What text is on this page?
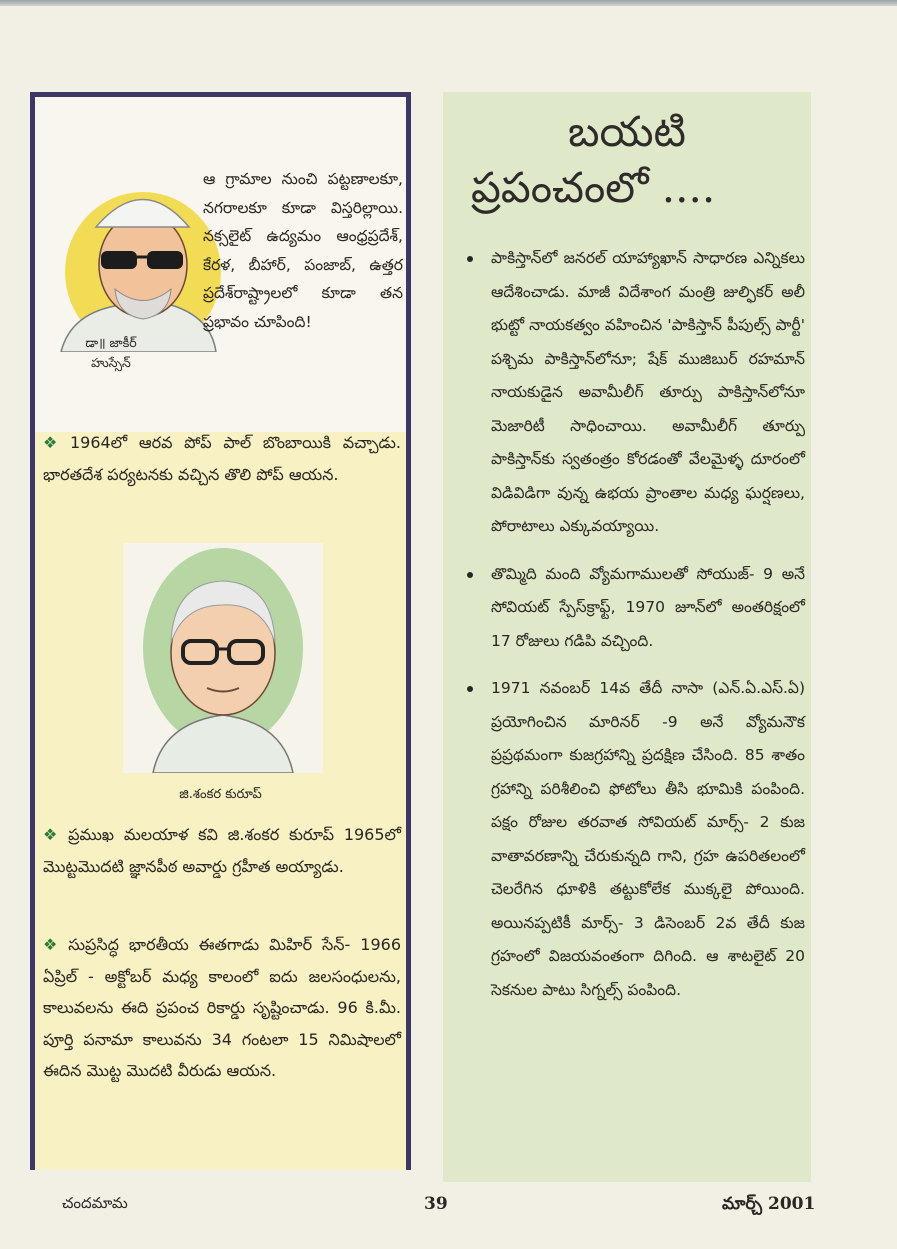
ఆ గ్రామాల నుంచి పట్టణాలకూ, నగరాలకూ కూడా విస్తరిల్లాయి. నక్సలైట్ ఉద్యమం ఆంధ్రప్రదేశ్, కేరళ, బీహార్, పంజాబ్, ఉత్తర ప్రదేశ్‌రాష్ట్రాలలో కూడా తన ప్రభావం చూపింది!
డా॥ జాకీర్ హుస్సేన్
❖ 1964లో ఆరవ పోప్ పాల్ బొంబాయికి వచ్చాడు. భారతదేశ పర్యటనకు వచ్చిన తొలి పోప్ ఆయన.
జి.శంకర కురూప్
❖ ప్రముఖ మలయాళ కవి జి.శంకర కురూప్ 1965లో మొట్టమొదటి జ్ఞానపీఠ అవార్డు గ్రహీత అయ్యాడు.
❖ సుప్రసిద్ధ భారతీయ ఈతగాడు మిహిర్ సేన్- 1966 ఏప్రిల్ - అక్టోబర్ మధ్య కాలంలో ఐదు జలసంధులను, కాలువలను ఈది ప్రపంచ రికార్డు సృష్టించాడు. 96 కి.మీ. పూర్తి పనామా కాలువను 34 గంటలా 15 నిమిషాలలో ఈదిన మొట్ట మొదటి వీరుడు ఆయన.
బయటి
ప్రపంచంలో ....
పాకిస్తాన్‌లో జనరల్ యాహ్యాఖాన్ సాధారణ ఎన్నికలు ఆదేశించాడు. మాజీ విదేశాంగ మంత్రి జుల్ఫికర్ అలీ భుట్టో నాయకత్వం వహించిన 'పాకిస్తాన్ పీపుల్స్ పార్టీ' పశ్చిమ పాకిస్తాన్‌లోనూ; షేక్ ముజిబుర్ రహమాన్ నాయకుడైన అవామీలీగ్ తూర్పు పాకిస్తాన్‌లోనూ మెజారిటీ సాధించాయి. అవామీలీగ్ తూర్పు పాకిస్తాన్‌కు స్వతంత్రం కోరడంతో వేలమైళ్ళ దూరంలో విడివిడిగా వున్న ఉభయ ప్రాంతాల మధ్య ఘర్షణలు, పోరాటాలు ఎక్కువయ్యాయి.
తొమ్మిది మంది వ్యోమగాములతో సోయుజ్- 9 అనే సోవియట్ స్పేస్‌క్రాఫ్ట్, 1970 జూన్‌లో అంతరిక్షంలో 17 రోజులు గడిపి వచ్చింది.
1971 నవంబర్ 14వ తేదీ నాసా (ఎన్.ఏ.ఎస్.ఏ) ప్రయోగించిన మారినర్ -9 అనే వ్యోమనౌక ప్రప్రథమంగా కుజగ్రహాన్ని ప్రదక్షిణ చేసింది. 85 శాతం గ్రహాన్ని పరిశీలించి ఫోటోలు తీసి భూమికి పంపింది. పక్షం రోజుల తరవాత సోవియట్ మార్స్- 2 కుజ వాతావరణాన్ని చేరుకున్నది గాని, గ్రహ ఉపరితలంలో చెలరేగిన ధూళికి తట్టుకోలేక ముక్కలై పోయింది. అయినప్పటికీ మార్స్- 3 డిసెంబర్ 2వ తేదీ కుజ గ్రహంలో విజయవంతంగా దిగింది. ఆ శాటలైట్ 20 సెకనుల పాటు సిగ్నల్స్ పంపింది.
చందమామ	39	మార్చ్ 2001
